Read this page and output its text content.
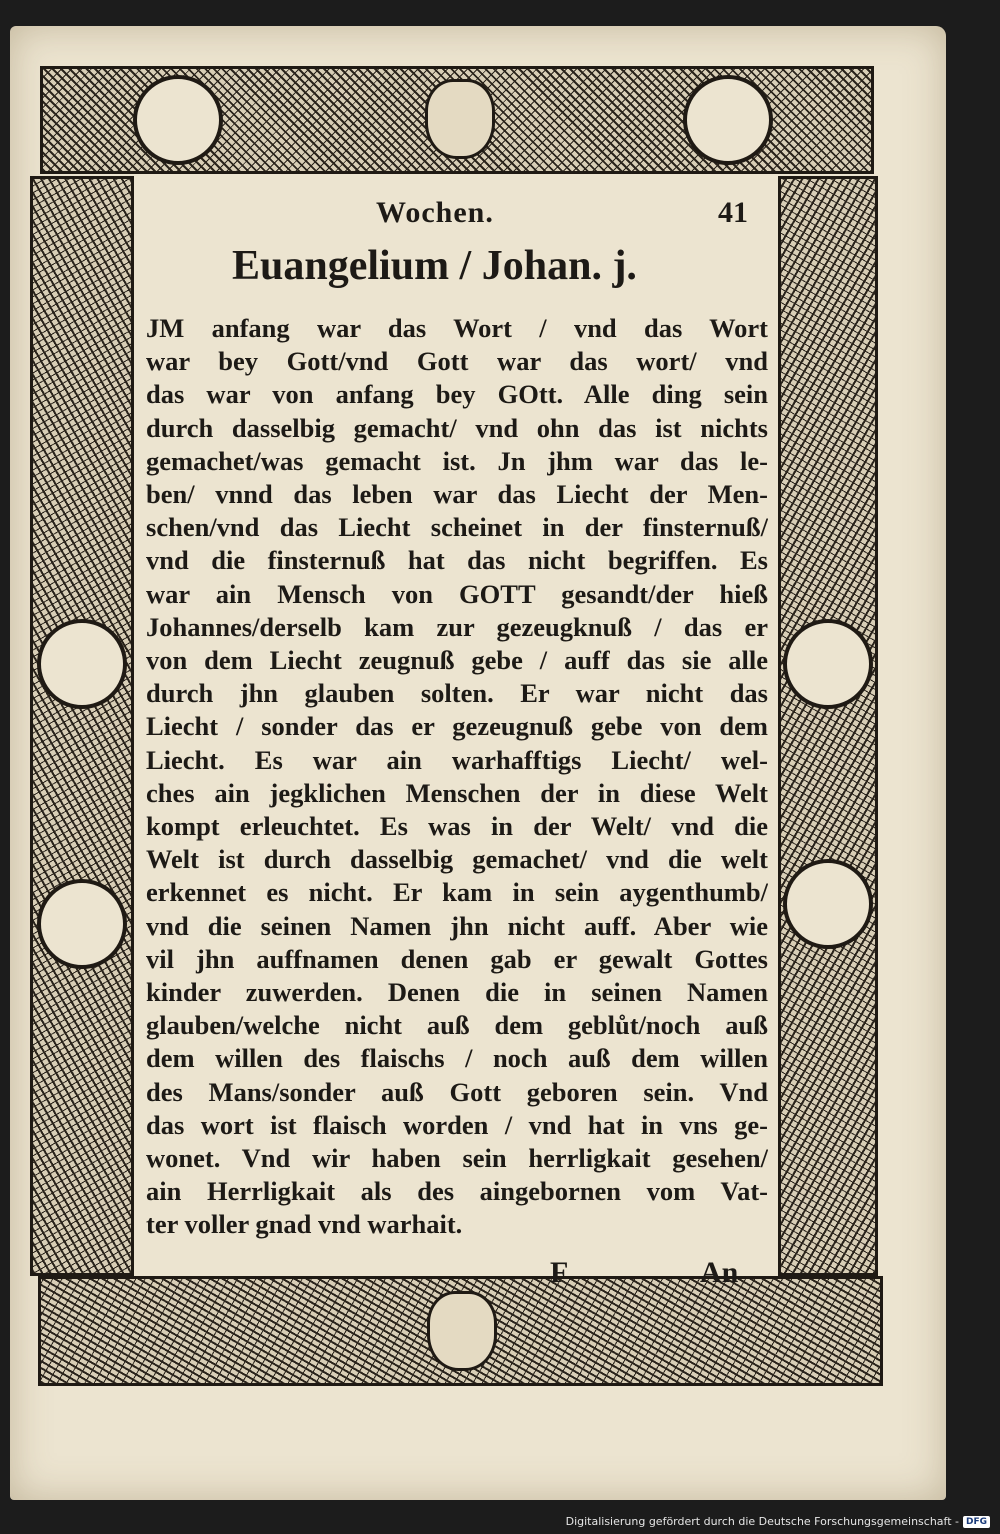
Wochen.	41
Euangelium / Johan. j.
JM anfang war das Wort / vnd das Wort
war bey Gott/vnd Gott war das wort/ vnd
das war von anfang bey GOtt. Alle ding sein
durch dasselbig gemacht/ vnd ohn das ist nichts
gemachet/was gemacht ist. Jn jhm war das le-
ben/ vnnd das leben war das Liecht der Men-
schen/vnd das Liecht scheinet in der finsternuß/
vnd die finsternuß hat das nicht begriffen. Es
war ain Mensch von GOTT gesandt/der hieß
Johannes/derselb kam zur gezeugknuß / das er
von dem Liecht zeugnuß gebe / auff das sie alle
durch jhn glauben solten. Er war nicht das
Liecht / sonder das er gezeugnuß gebe von dem
Liecht. Es war ain warhafftigs Liecht/ wel-
ches ain jegklichen Menschen der in diese Welt
kompt erleuchtet. Es was in der Welt/ vnd die
Welt ist durch dasselbig gemachet/ vnd die welt
erkennet es nicht. Er kam in sein aygenthumb/
vnd die seinen Namen jhn nicht auff. Aber wie
vil jhn auffnamen denen gab er gewalt Gottes
kinder zuwerden. Denen die in seinen Namen
glauben/welche nicht auß dem geblůt/noch auß
dem willen des flaischs / noch auß dem willen
des Mans/sonder auß Gott geboren sein. Vnd
das wort ist flaisch worden / vnd hat in vns ge-
wonet. Vnd wir haben sein herrligkait gesehen/
ain Herrligkait als des aingebornen vom Vat-
ter voller gnad vnd warhait.
F	An
Digitalisierung gefördert durch die Deutsche Forschungsgemeinschaft - DFG
